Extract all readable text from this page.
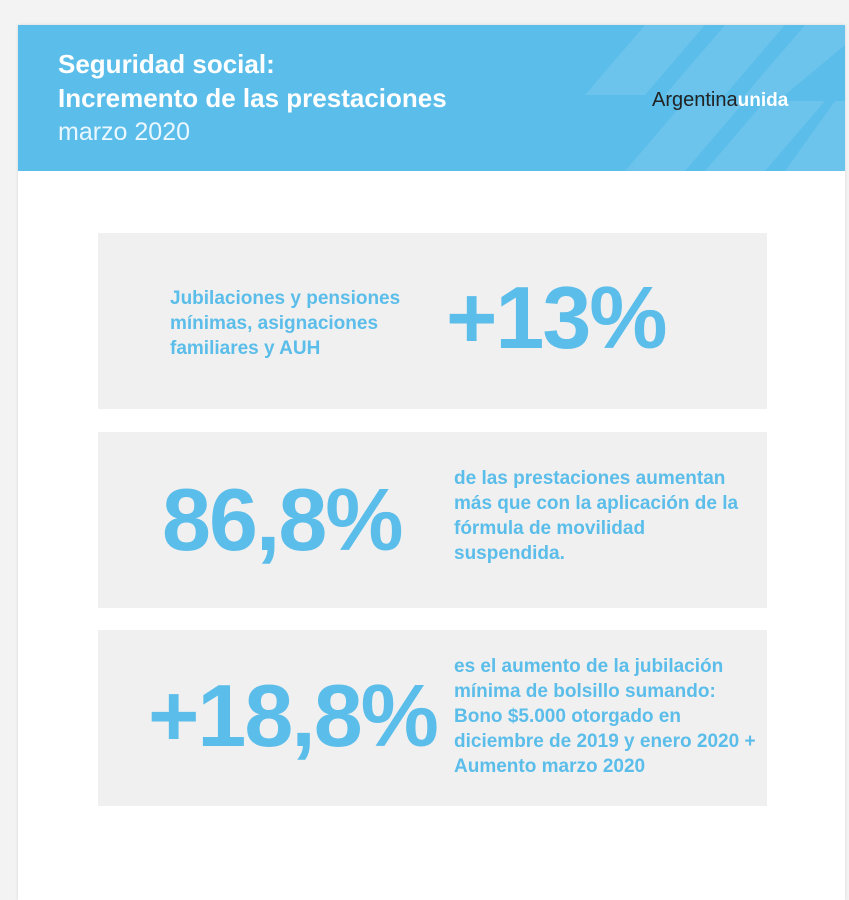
Seguridad social:
Incremento de las prestaciones
marzo 2020
Argentinaunida
Jubilaciones y pensiones mínimas, asignaciones familiares y AUH	+13%
86,8%	de las prestaciones aumentan más que con la aplicación de la fórmula de movilidad suspendida.
+18,8% es el aumento de la jubilación mínima de bolsillo sumando: Bono $5.000 otorgado en diciembre de 2019 y enero 2020 + Aumento marzo 2020
